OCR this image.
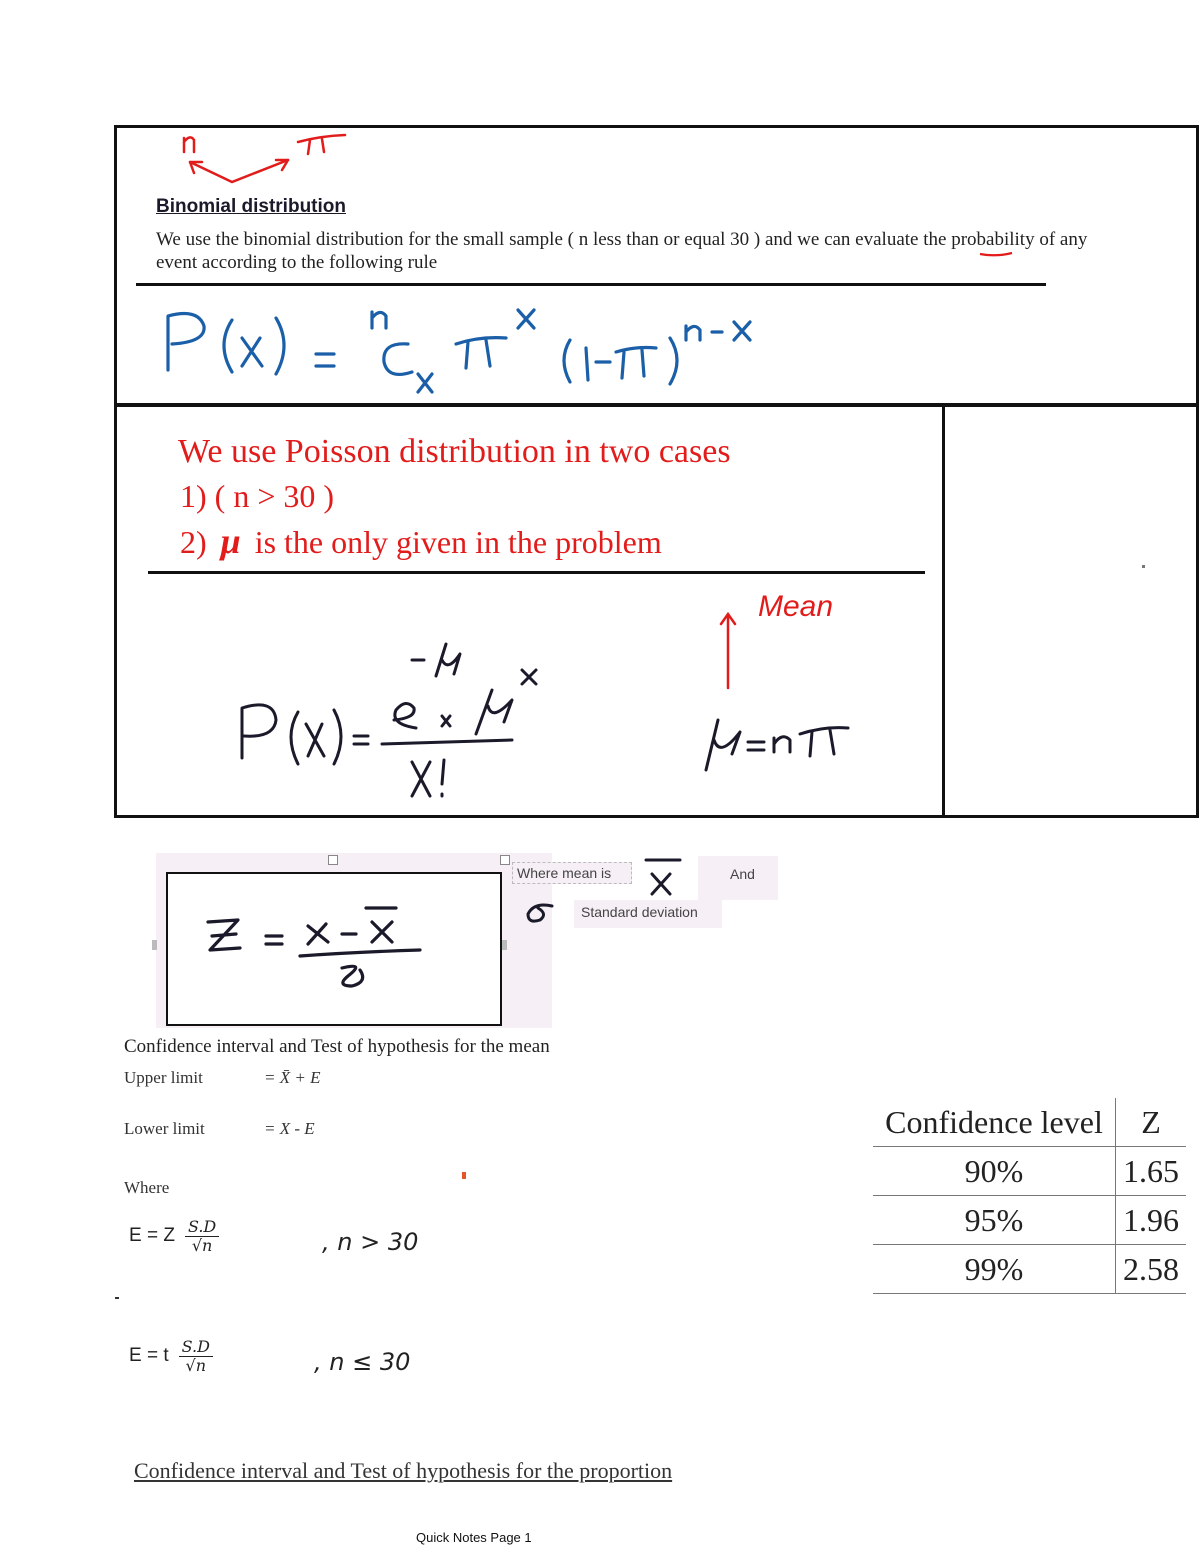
Binomial distribution
We use the binomial distribution for the small sample ( n less than or equal 30 ) and we can evaluate the probability of any event according to the following rule
We use Poisson distribution in two cases
1) ( n > 30 )
2) μ is the only given in the problem
Mean
Where mean is	And
Standard deviation
Confidence interval and Test of hypothesis for the mean
Upper limit	= X̄ + E
Lower limit	= X - E
Where
E = Z $\frac{S.D}{√n}$	, n > 30
E = t $\frac{S.D}{√n}$	, n ≤ 30
Confidence level	Z
90%	1.65
95%	1.96
99%	2.58
Confidence interval and Test of hypothesis for the proportion
Quick Notes Page 1
